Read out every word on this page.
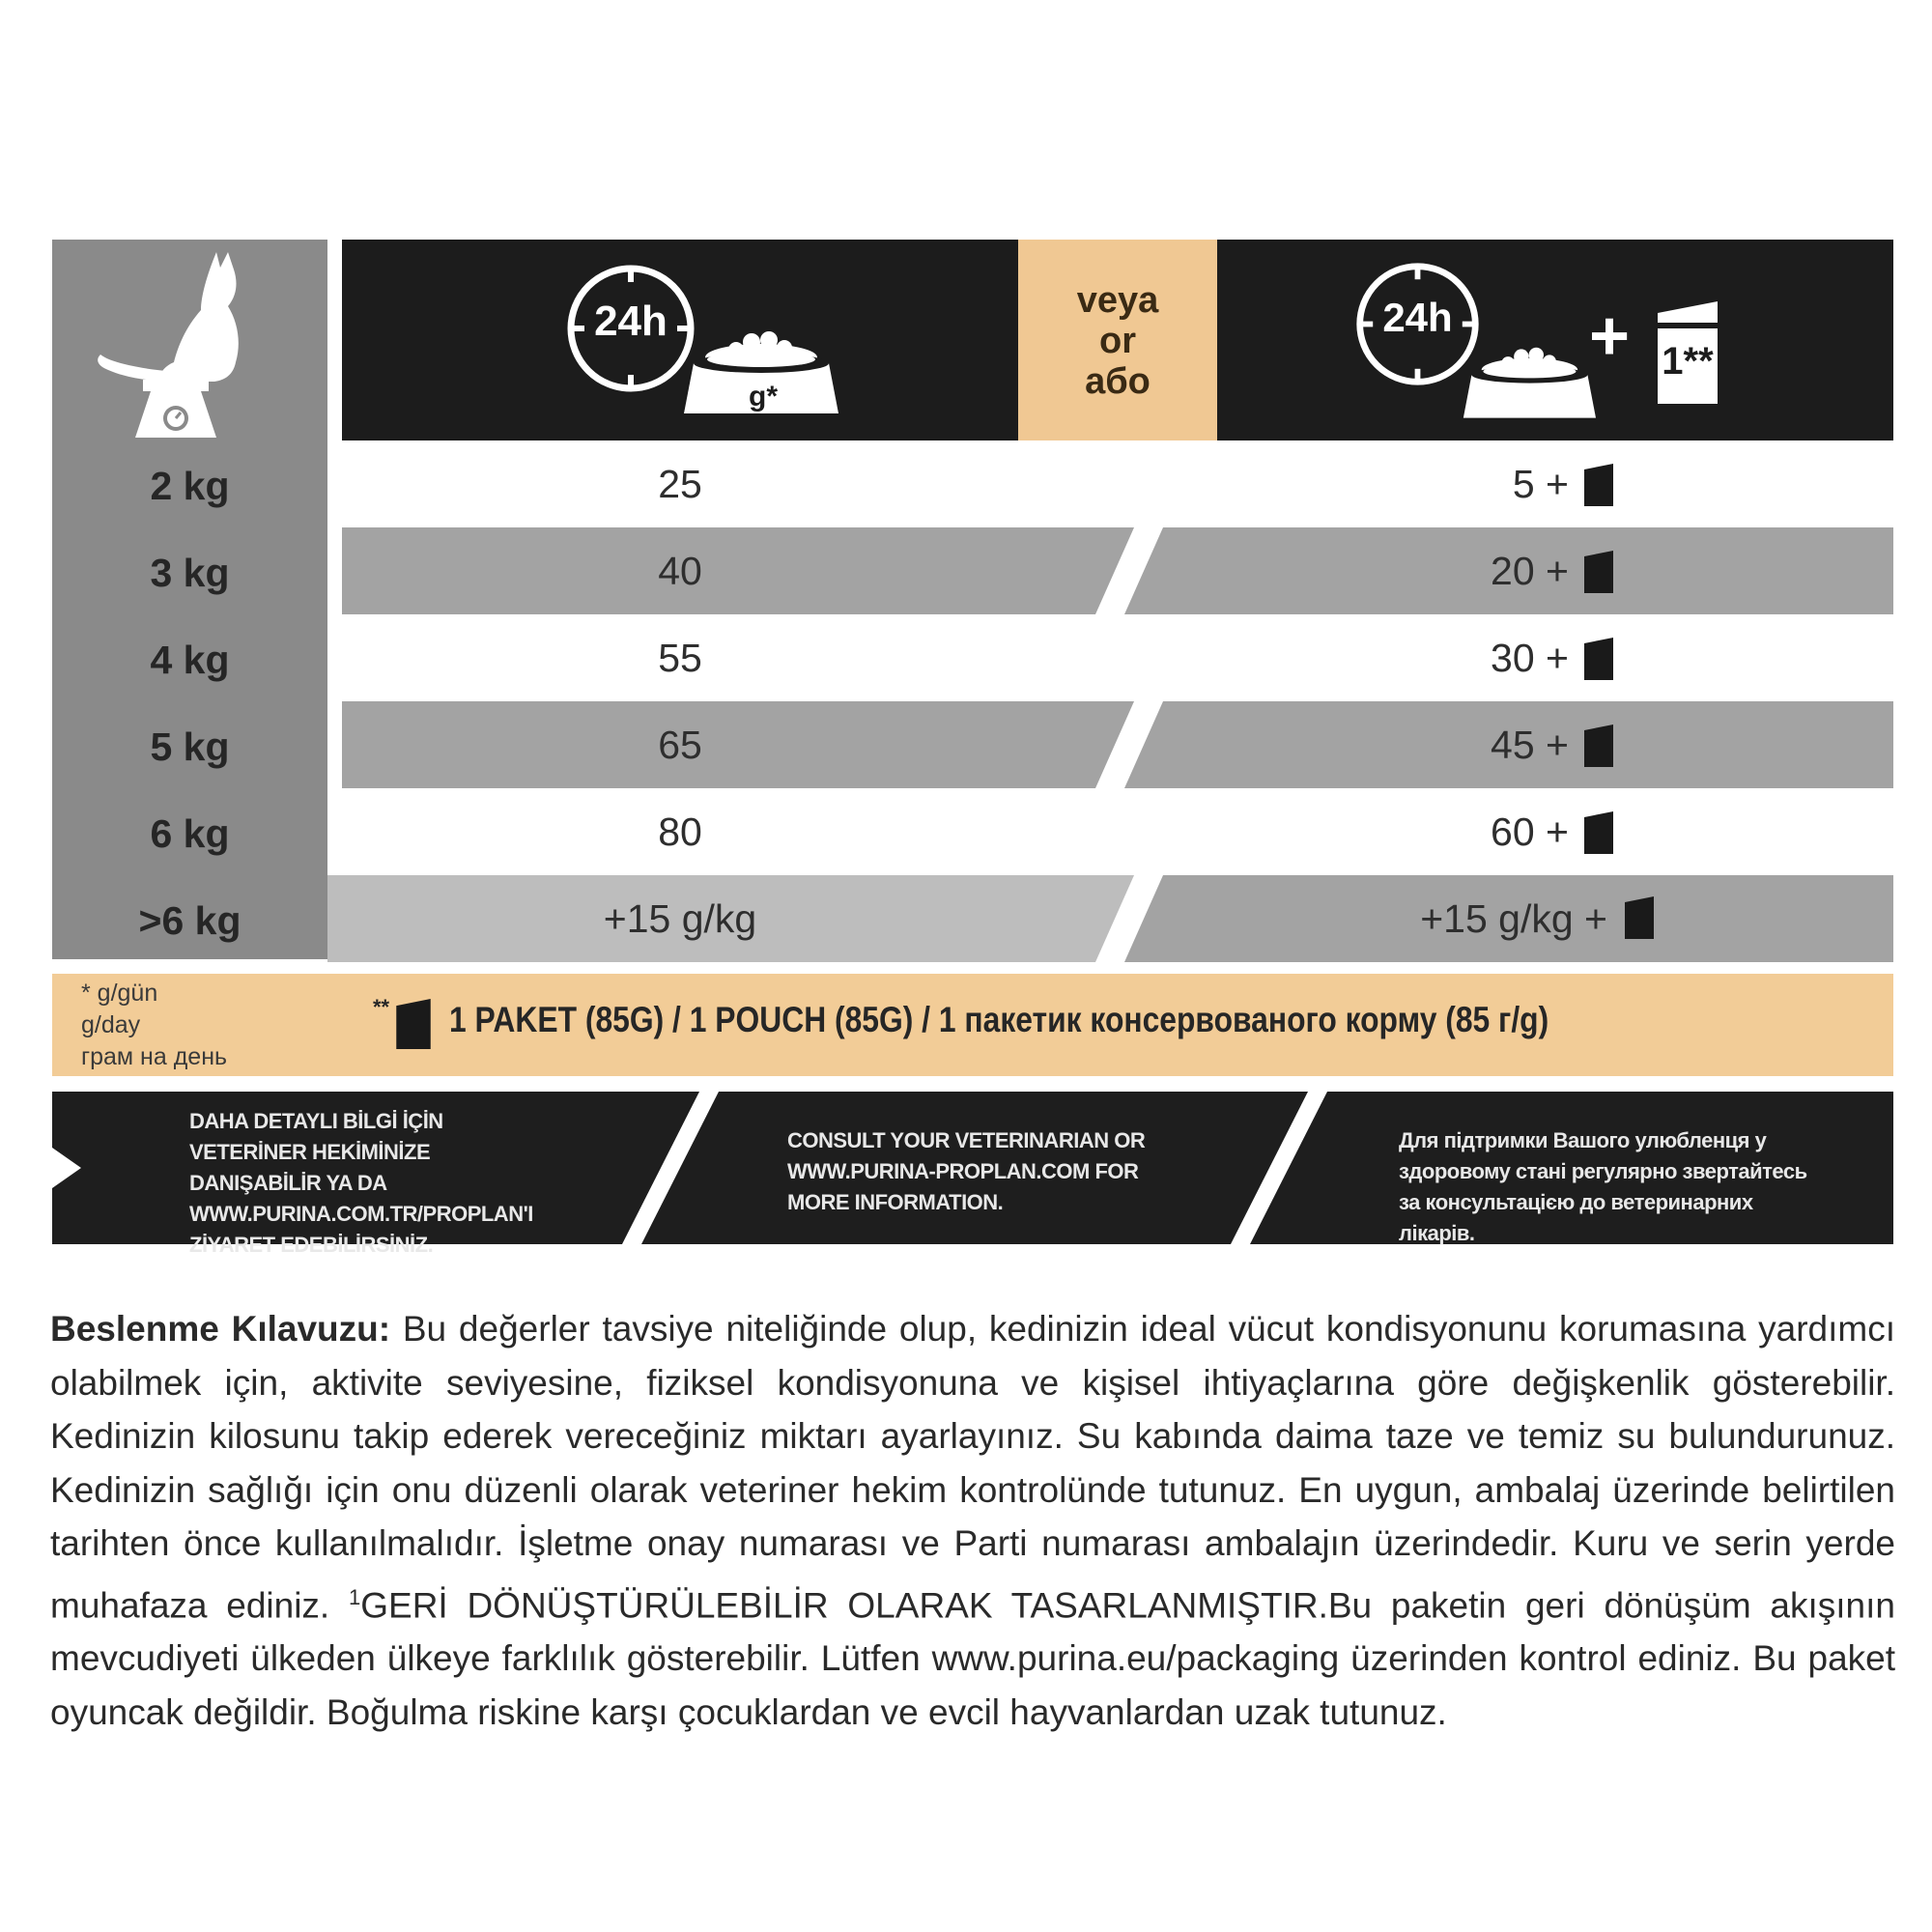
2 kg
3 kg
4 kg
5 kg
6 kg
>6 kg
veya
or
або
24h
g*
24h	+ 1**
25
40
55
65
80
+15 g/kg
5 +
20 +
30 +
45 +
60 +
+15 g/kg +
* g/gün
g/day
грам на день
** 1 PAKET (85G) / 1 POUCH (85G) / 1 пакетик консервованого корму (85 г/g)
DAHA DETAYLI BİLGİ İÇİN VETERİNER HEKİMİNİZE DANIŞABİLİR YA DA WWW.PURINA.COM.TR/PROPLAN'I ZİYARET EDEBİLİRSİNİZ.
CONSULT YOUR VETERINARIAN OR WWW.PURINA-PROPLAN.COM FOR MORE INFORMATION.
Для підтримки Вашого улюбленця у здоровому стані регулярно звертайтесь за консультацією до ветеринарних лікарів.
Beslenme Kılavuzu: Bu değerler tavsiye niteliğinde olup, kedinizin ideal vücut kondisyonunu korumasına yardımcı olabilmek için, aktivite seviyesine, fiziksel kondisyonuna ve kişisel ihtiyaçlarına göre değişkenlik gösterebilir. Kedinizin kilosunu takip ederek vereceğiniz miktarı ayarlayınız. Su kabında daima taze ve temiz su bulundurunuz. Kedinizin sağlığı için onu düzenli olarak veteriner hekim kontrolünde tutunuz. En uygun, ambalaj üzerinde belirtilen tarihten önce kullanılmalıdır. İşletme onay numarası ve Parti numarası ambalajın üzerindedir. Kuru ve serin yerde muhafaza ediniz. $^1$GERİ DÖNÜŞTÜRÜLEBİLİR OLARAK TASARLANMIŞTIR.Bu paketin geri dönüşüm akışının mevcudiyeti ülkeden ülkeye farklılık gösterebilir. Lütfen www.purina.eu/packaging üzerinden kontrol ediniz. Bu paket oyuncak değildir. Boğulma riskine karşı çocuklardan ve evcil hayvanlardan uzak tutunuz.
